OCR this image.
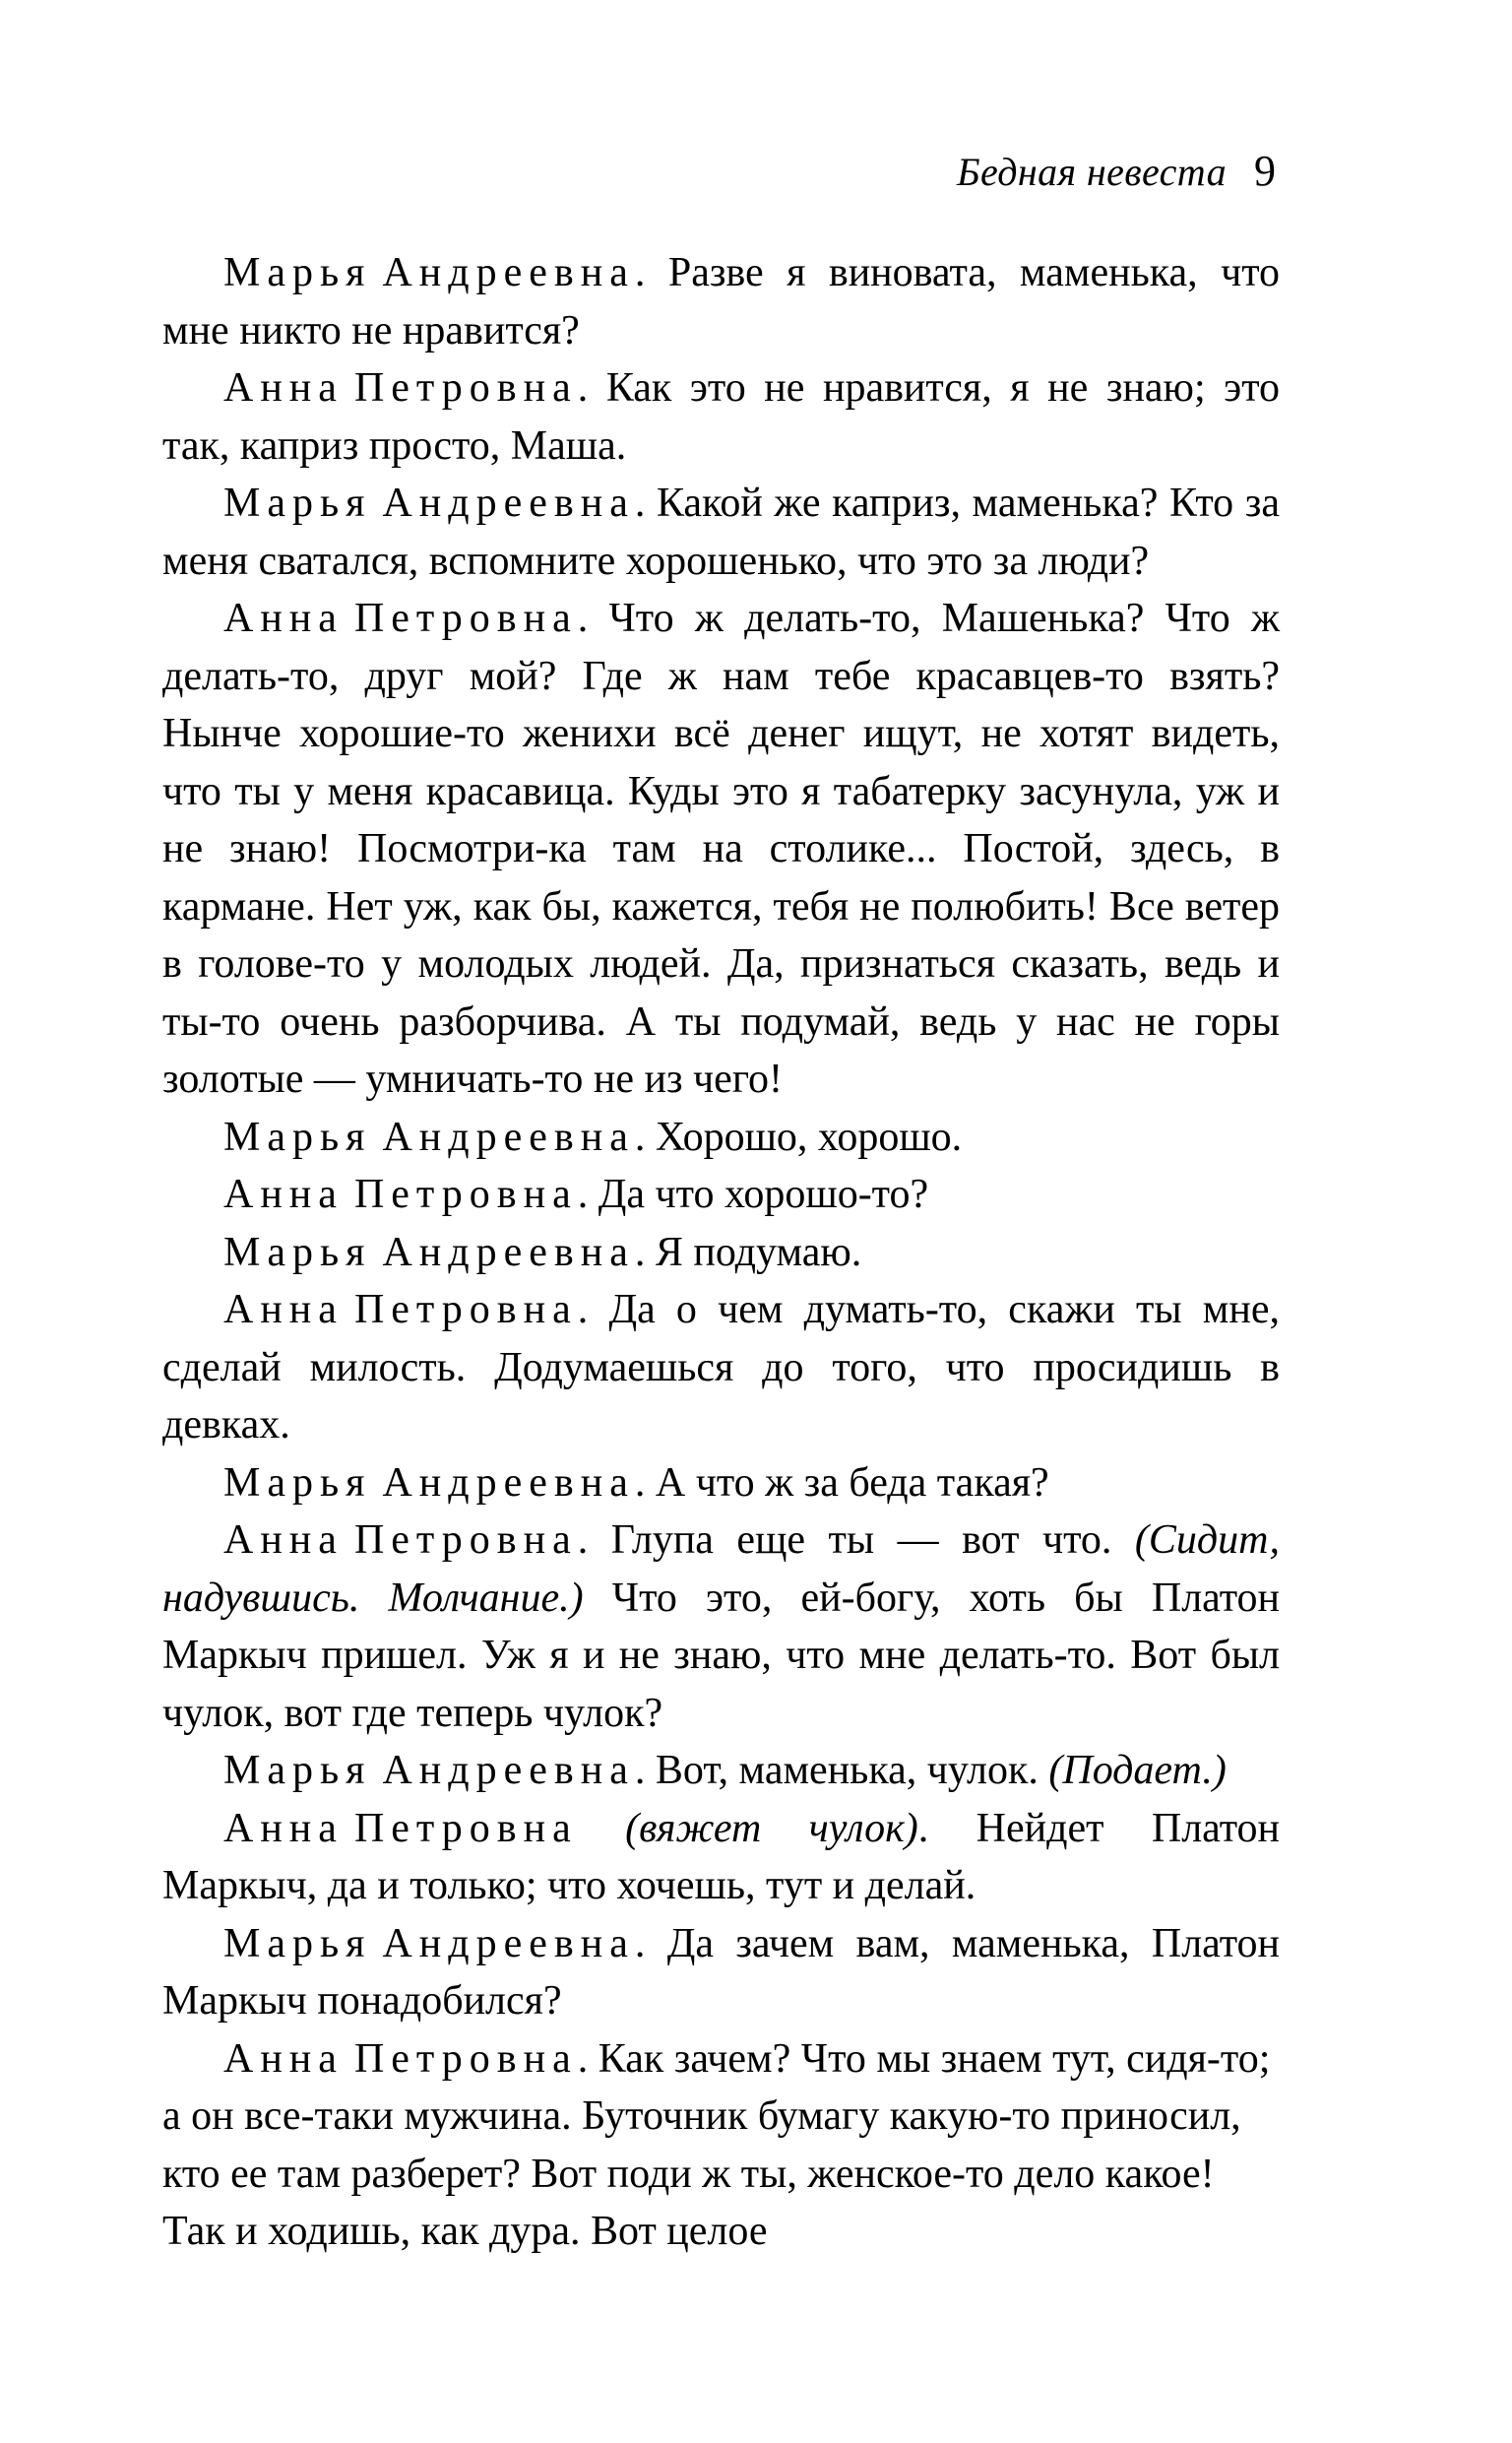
Бедная невеста 9

Марья Андреевна. Разве я виновата, маменька, что мне никто не нравится?

Анна Петровна. Как это не нравится, я не знаю; это так, каприз просто, Маша.

Марья Андреевна. Какой же каприз, маменька? Кто за меня сватался, вспомните хорошенько, что это за люди?

Анна Петровна. Что ж делать-то, Машенька? Что ж делать-то, друг мой? Где ж нам тебе красавцев-то взять? Нынче хорошие-то женихи всё денег ищут, не хотят видеть, что ты у меня красавица. Куды это я табатерку засунула, уж и не знаю! Посмотри-ка там на столике... Постой, здесь, в кармане. Нет уж, как бы, кажется, тебя не полюбить! Все ветер в голове-то у молодых людей. Да, признаться сказать, ведь и ты-то очень разборчива. А ты подумай, ведь у нас не горы золотые — умничать-то не из чего!

Марья Андреевна. Хорошо, хорошо.

Анна Петровна. Да что хорошо-то?

Марья Андреевна. Я подумаю.

Анна Петровна. Да о чем думать-то, скажи ты мне, сделай милость. Додумаешься до того, что просидишь в девках.

Марья Андреевна. А что ж за беда такая?

Анна Петровна. Глупа еще ты — вот что. (Сидит, надувшись. Молчание.) Что это, ей-богу, хоть бы Платон Маркыч пришел. Уж я и не знаю, что мне делать-то. Вот был чулок, вот где теперь чулок?

Марья Андреевна. Вот, маменька, чулок. (Подает.)

Анна Петровна (вяжет чулок). Нейдет Платон Маркыч, да и только; что хочешь, тут и делай.

Марья Андреевна. Да зачем вам, маменька, Платон Маркыч понадобился?

Анна Петровна. Как зачем? Что мы знаем тут, сидя-то; а он все-таки мужчина. Буточник бумагу какую-то приносил, кто ее там разберет? Вот поди ж ты, женское-то дело какое! Так и ходишь, как дура. Вот целое
